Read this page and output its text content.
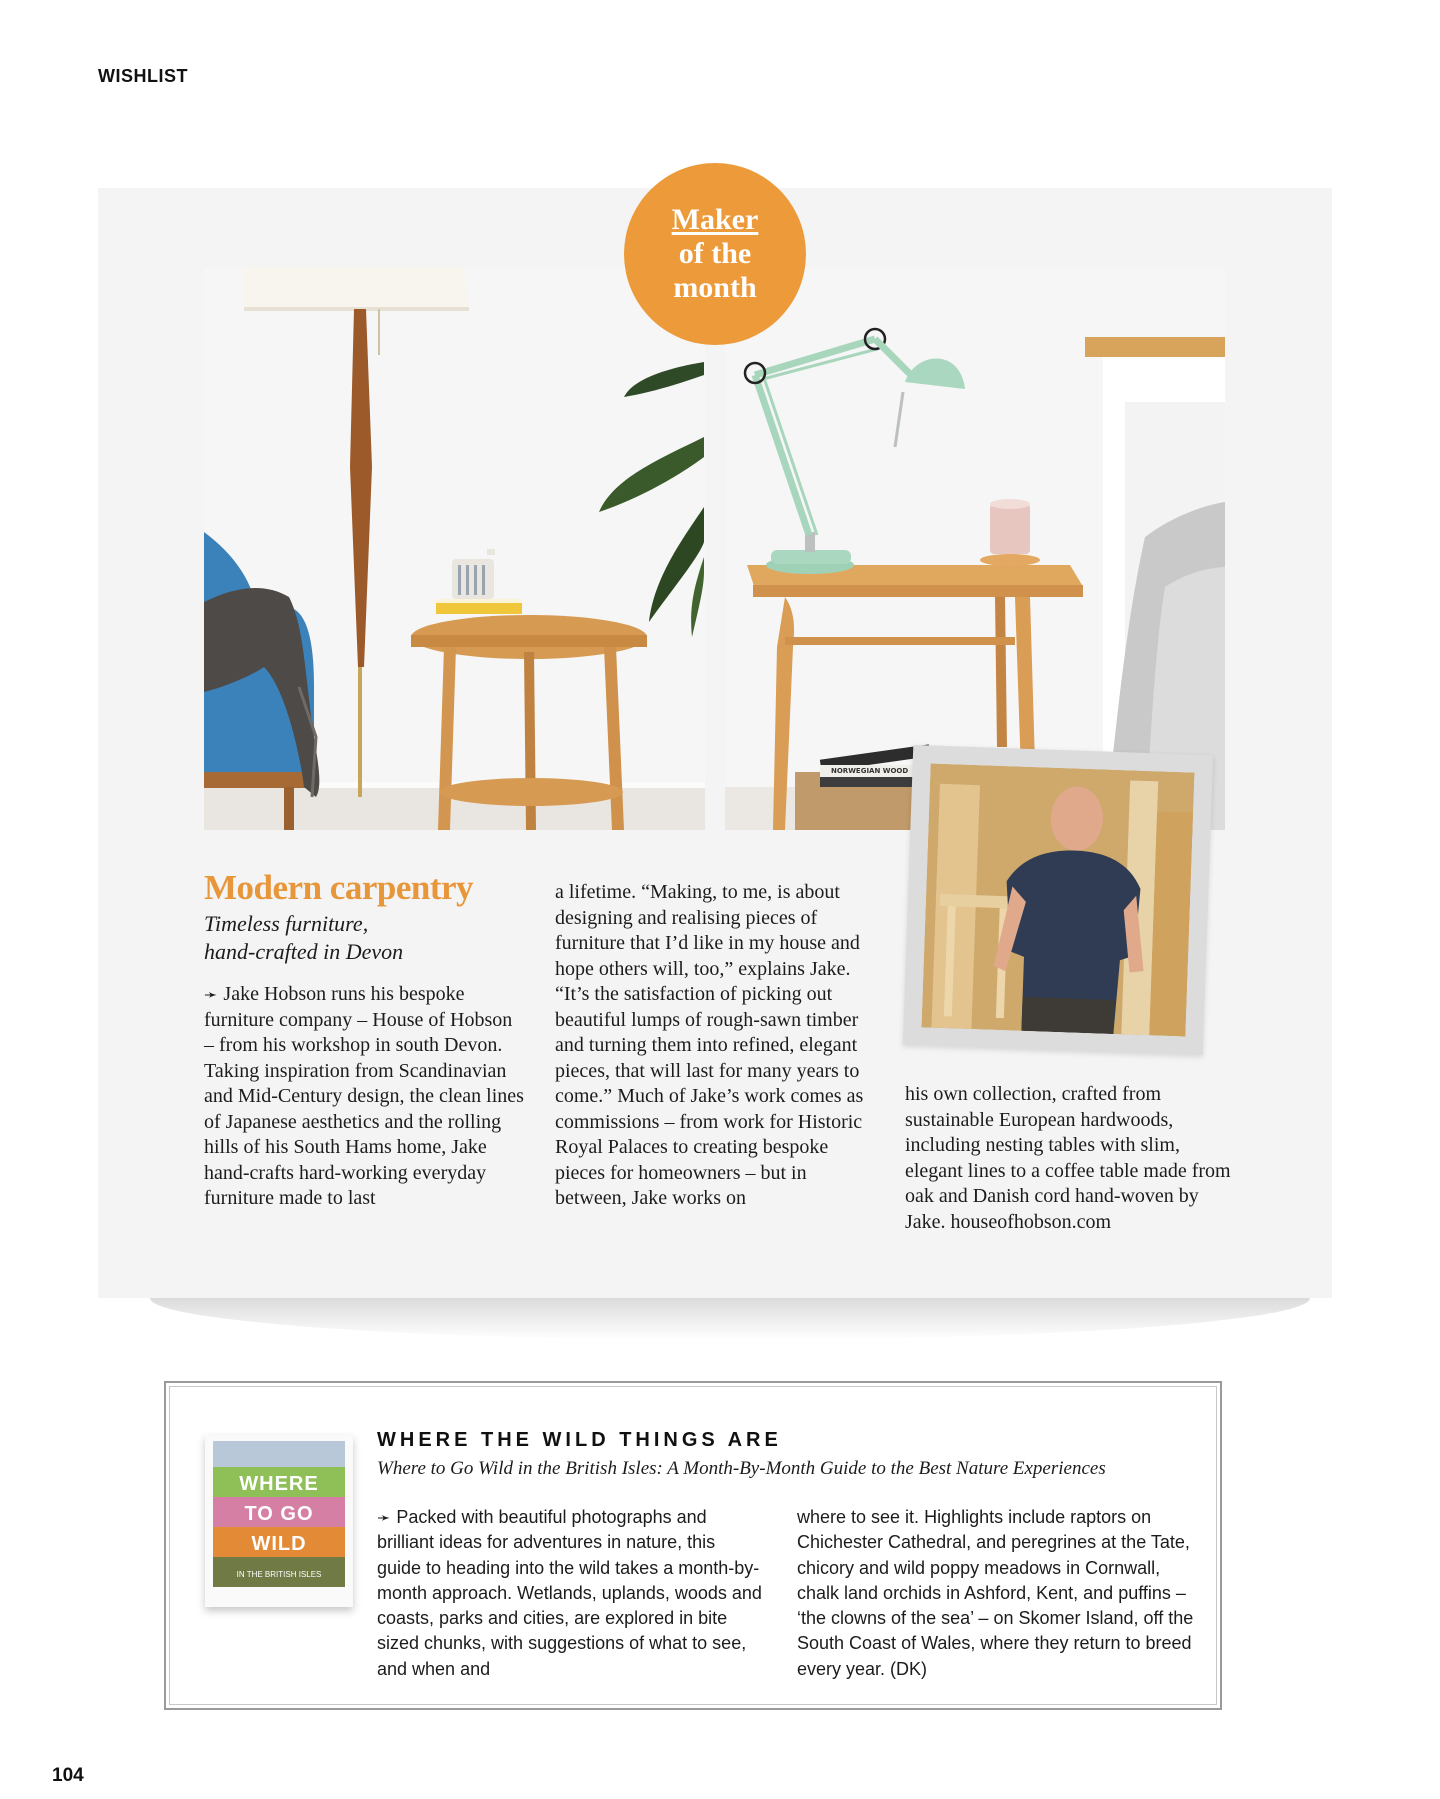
WISHLIST
NORWEGIAN WOOD
Maker
of the
month
Modern carpentry
Timeless furniture,
hand-crafted in Devon
➛ Jake Hobson runs his bespoke furniture company – House of Hobson – from his workshop in south Devon. Taking inspiration from Scandinavian and Mid-Century design, the clean lines of Japanese aesthetics and the rolling hills of his South Hams home, Jake hand-crafts hard-working everyday furniture made to last
a lifetime. “Making, to me, is about designing and realising pieces of furniture that I’d like in my house and hope others will, too,” explains Jake. “It’s the satisfaction of picking out beautiful lumps of rough-sawn timber and turning them into refined, elegant pieces, that will last for many years to come.” Much of Jake’s work comes as commissions – from work for Historic Royal Palaces to creating bespoke pieces for homeowners – but in between, Jake works on
his own collection, crafted from sustainable European hardwoods, including nesting tables with slim, elegant lines to a coffee table made from oak and Danish cord hand-woven by Jake. houseofhobson.com
WHERE
TO GO
WILD
IN THE BRITISH ISLES
WHERE THE WILD THINGS ARE
Where to Go Wild in the British Isles: A Month-By-Month Guide to the Best Nature Experiences
➛ Packed with beautiful photographs and brilliant ideas for adventures in nature, this guide to heading into the wild takes a month-by-month approach. Wetlands, uplands, woods and coasts, parks and cities, are explored in bite sized chunks, with suggestions of what to see, and when and
where to see it. Highlights include raptors on Chichester Cathedral, and peregrines at the Tate, chicory and wild poppy meadows in Cornwall, chalk land orchids in Ashford, Kent, and puffins – ‘the clowns of the sea’ – on Skomer Island, off the South Coast of Wales, where they return to breed every year. (DK)
104
